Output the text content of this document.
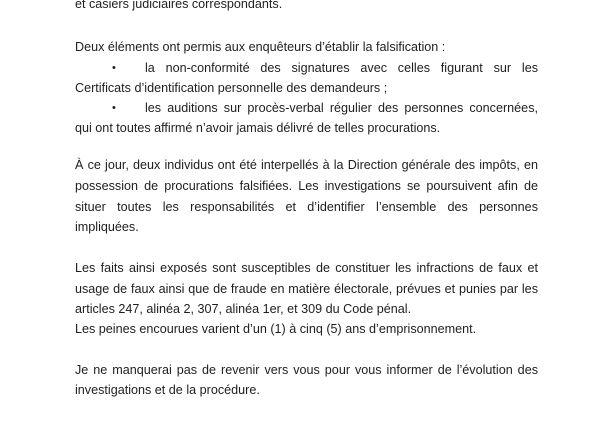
et casiers judiciaires correspondants.
Deux éléments ont permis aux enquêteurs d’établir la falsification :
• la non-conformité des signatures avec celles figurant sur les
Certificats d’identification personnelle des demandeurs ;
• les auditions sur procès-verbal régulier des personnes concernées,
qui ont toutes affirmé n’avoir jamais délivré de telles procurations.
À ce jour, deux individus ont été interpellés à la Direction générale des impôts, en
possession de procurations falsifiées. Les investigations se poursuivent afin de
situer toutes les responsabilités et d’identifier l’ensemble des personnes
impliquées.
Les faits ainsi exposés sont susceptibles de constituer les infractions de faux et
usage de faux ainsi que de fraude en matière électorale, prévues et punies par les
articles 247, alinéa 2, 307, alinéa 1er, et 309 du Code pénal.
Les peines encourues varient d’un (1) à cinq (5) ans d’emprisonnement.
Je ne manquerai pas de revenir vers vous pour vous informer de l’évolution des
investigations et de la procédure.
